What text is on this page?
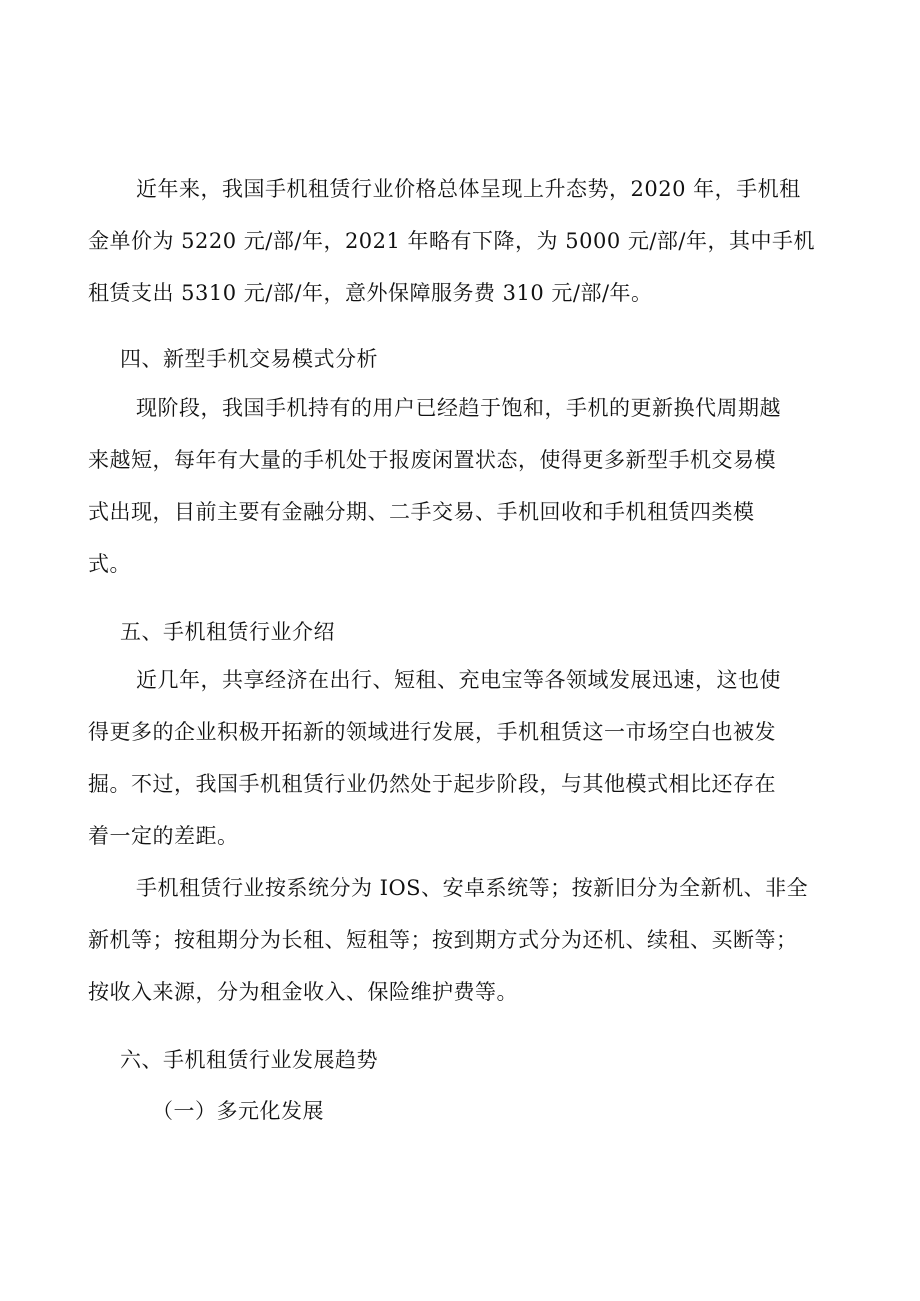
近年来，我国手机租赁行业价格总体呈现上升态势，2020 年，手机租
金单价为 5220 元/部/年，2021 年略有下降，为 5000 元/部/年，其中手机
租赁支出 5310 元/部/年，意外保障服务费 310 元/部/年。
四、新型手机交易模式分析
现阶段，我国手机持有的用户已经趋于饱和，手机的更新换代周期越
来越短，每年有大量的手机处于报废闲置状态，使得更多新型手机交易模
式出现，目前主要有金融分期、二手交易、手机回收和手机租赁四类模
式。
五、手机租赁行业介绍
近几年，共享经济在出行、短租、充电宝等各领域发展迅速，这也使
得更多的企业积极开拓新的领域进行发展，手机租赁这一市场空白也被发
掘。不过，我国手机租赁行业仍然处于起步阶段，与其他模式相比还存在
着一定的差距。
手机租赁行业按系统分为 IOS、安卓系统等；按新旧分为全新机、非全
新机等；按租期分为长租、短租等；按到期方式分为还机、续租、买断等；
按收入来源，分为租金收入、保险维护费等。
六、手机租赁行业发展趋势
（一）多元化发展
